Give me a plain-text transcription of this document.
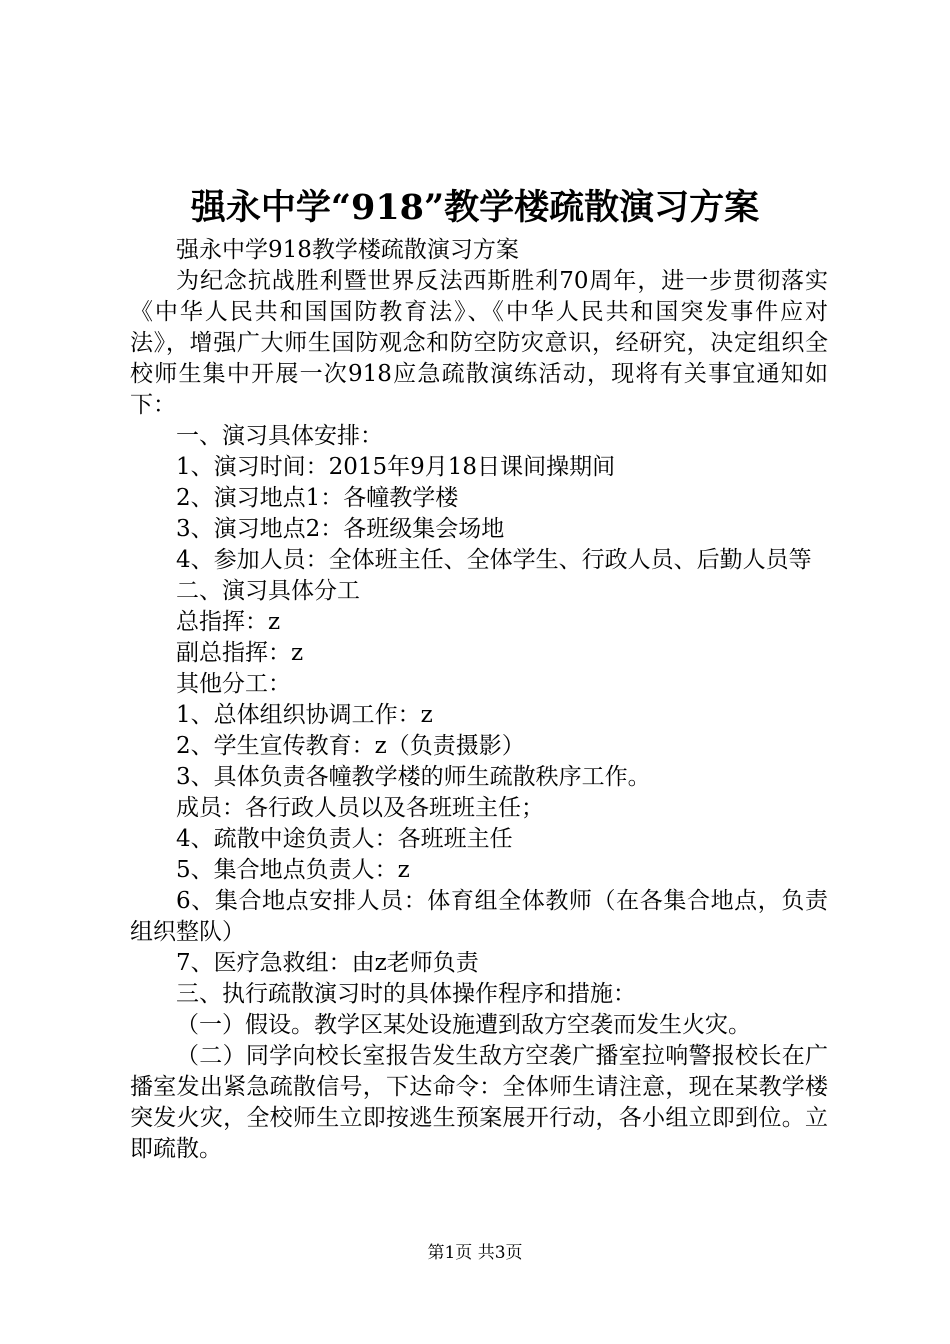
强永中学“918”教学楼疏散演习方案

强永中学918教学楼疏散演习方案

为纪念抗战胜利暨世界反法西斯胜利70周年，进一步贯彻落实《中华人民共和国国防教育法》、《中华人民共和国突发事件应对法》，增强广大师生国防观念和防空防灾意识，经研究，决定组织全校师生集中开展一次918应急疏散演练活动，现将有关事宜通知如下：

一、演习具体安排：

1、演习时间：2015年9月18日课间操期间

2、演习地点1：各幢教学楼

3、演习地点2：各班级集会场地

4、参加人员：全体班主任、全体学生、行政人员、后勤人员等

二、演习具体分工

总指挥：z

副总指挥：z

其他分工：

1、总体组织协调工作：z

2、学生宣传教育：z（负责摄影）

3、具体负责各幢教学楼的师生疏散秩序工作。

成员：各行政人员以及各班班主任；

4、疏散中途负责人：各班班主任

5、集合地点负责人：z

6、集合地点安排人员：体育组全体教师（在各集合地点，负责组织整队）

7、医疗急救组：由z老师负责

三、执行疏散演习时的具体操作程序和措施：

（一）假设。教学区某处设施遭到敌方空袭而发生火灾。

（二）同学向校长室报告发生敌方空袭广播室拉响警报校长在广播室发出紧急疏散信号，下达命令：全体师生请注意，现在某教学楼突发火灾，全校师生立即按逃生预案展开行动，各小组立即到位。立即疏散。

第1页 共3页
